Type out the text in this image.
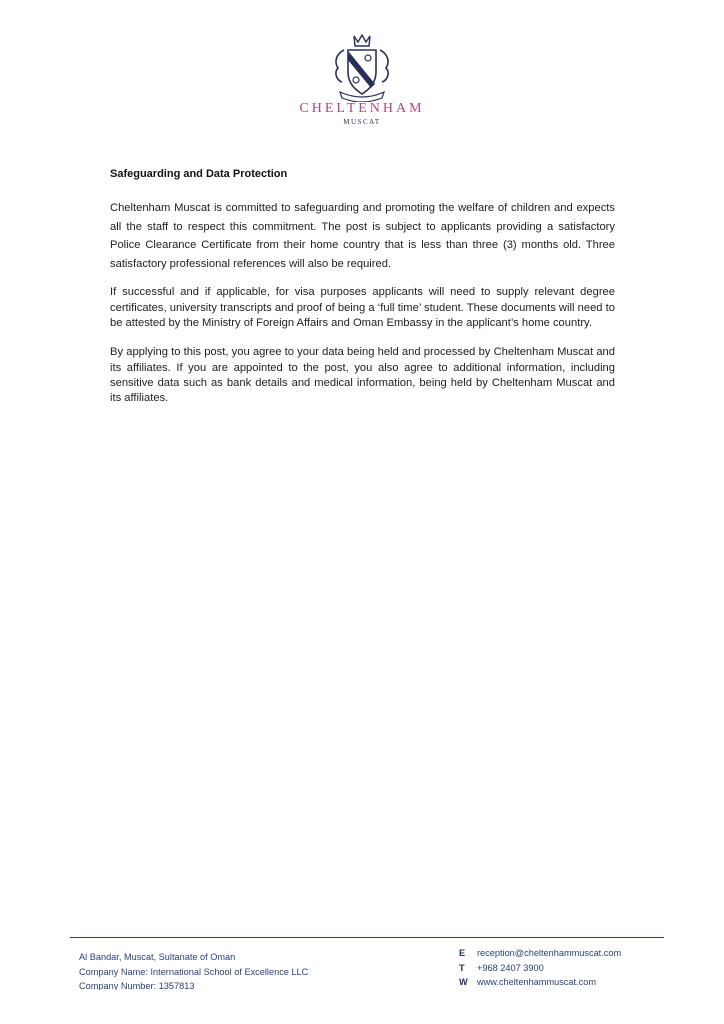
CHELTENHAM
MUSCAT
Safeguarding and Data Protection

Cheltenham Muscat is committed to safeguarding and promoting the welfare of children and expects all the staff to respect this commitment. The post is subject to applicants providing a satisfactory Police Clearance Certificate from their home country that is less than three (3) months old. Three satisfactory professional references will also be required.

If successful and if applicable, for visa purposes applicants will need to supply relevant degree certificates, university transcripts and proof of being a ‘full time’ student. These documents will need to be attested by the Ministry of Foreign Affairs and Oman Embassy in the applicant’s home country.

By applying to this post, you agree to your data being held and processed by Cheltenham Muscat and its affiliates. If you are appointed to the post, you also agree to additional information, including sensitive data such as bank details and medical information, being held by Cheltenham Muscat and its affiliates.

Al Bandar, Muscat, Sultanate of Oman
Company Name: International School of Excellence LLC
Company Number: 1357813
E	reception@cheltenhammuscat.com
T	+968 2407 3900
W	www.cheltenhammuscat.com
